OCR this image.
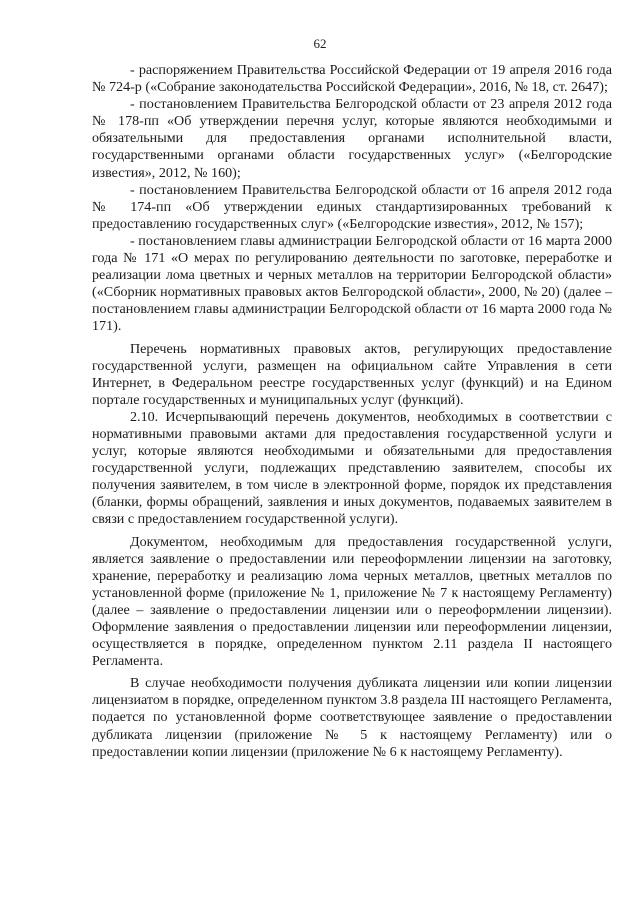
62

- распоряжением Правительства Российской Федерации от 19 апреля 2016 года № 724-р («Собрание законодательства Российской Федерации», 2016, № 18, ст. 2647);

- постановлением Правительства Белгородской области от 23 апреля 2012 года № 178-пп «Об утверждении перечня услуг, которые являются необходимыми и обязательными для предоставления органами исполнительной власти, государственными органами области государственных услуг» («Белгородские известия», 2012, № 160);

- постановлением Правительства Белгородской области от 16 апреля 2012 года № 174-пп «Об утверждении единых стандартизированных требований к предоставлению государственных слуг» («Белгородские известия», 2012, № 157);

- постановлением главы администрации Белгородской области от 16 марта 2000 года № 171 «О мерах по регулированию деятельности по заготовке, переработке и реализации лома цветных и черных металлов на территории Белгородской области» («Сборник нормативных правовых актов Белгородской области», 2000, № 20) (далее – постановлением главы администрации Белгородской области от 16 марта 2000 года № 171).

Перечень нормативных правовых актов, регулирующих предоставление государственной услуги, размещен на официальном сайте Управления в сети Интернет, в Федеральном реестре государственных услуг (функций) и на Едином портале государственных и муниципальных услуг (функций).

2.10. Исчерпывающий перечень документов, необходимых в соответствии с нормативными правовыми актами для предоставления государственной услуги и услуг, которые являются необходимыми и обязательными для предоставления государственной услуги, подлежащих представлению заявителем, способы их получения заявителем, в том числе в электронной форме, порядок их представления (бланки, формы обращений, заявления и иных документов, подаваемых заявителем в связи с предоставлением государственной услуги).

Документом, необходимым для предоставления государственной услуги, является заявление о предоставлении или переоформлении лицензии на заготовку, хранение, переработку и реализацию лома черных металлов, цветных металлов по установленной форме (приложение № 1, приложение № 7 к настоящему Регламенту) (далее – заявление о предоставлении лицензии или о переоформлении лицензии). Оформление заявления о предоставлении лицензии или переоформлении лицензии, осуществляется в порядке, определенном пунктом 2.11 раздела II настоящего Регламента.

В случае необходимости получения дубликата лицензии или копии лицензии лицензиатом в порядке, определенном пунктом 3.8 раздела III настоящего Регламента, подается по установленной форме соответствующее заявление о предоставлении дубликата лицензии (приложение № 5 к настоящему Регламенту) или о предоставлении копии лицензии (приложение № 6 к настоящему Регламенту).
